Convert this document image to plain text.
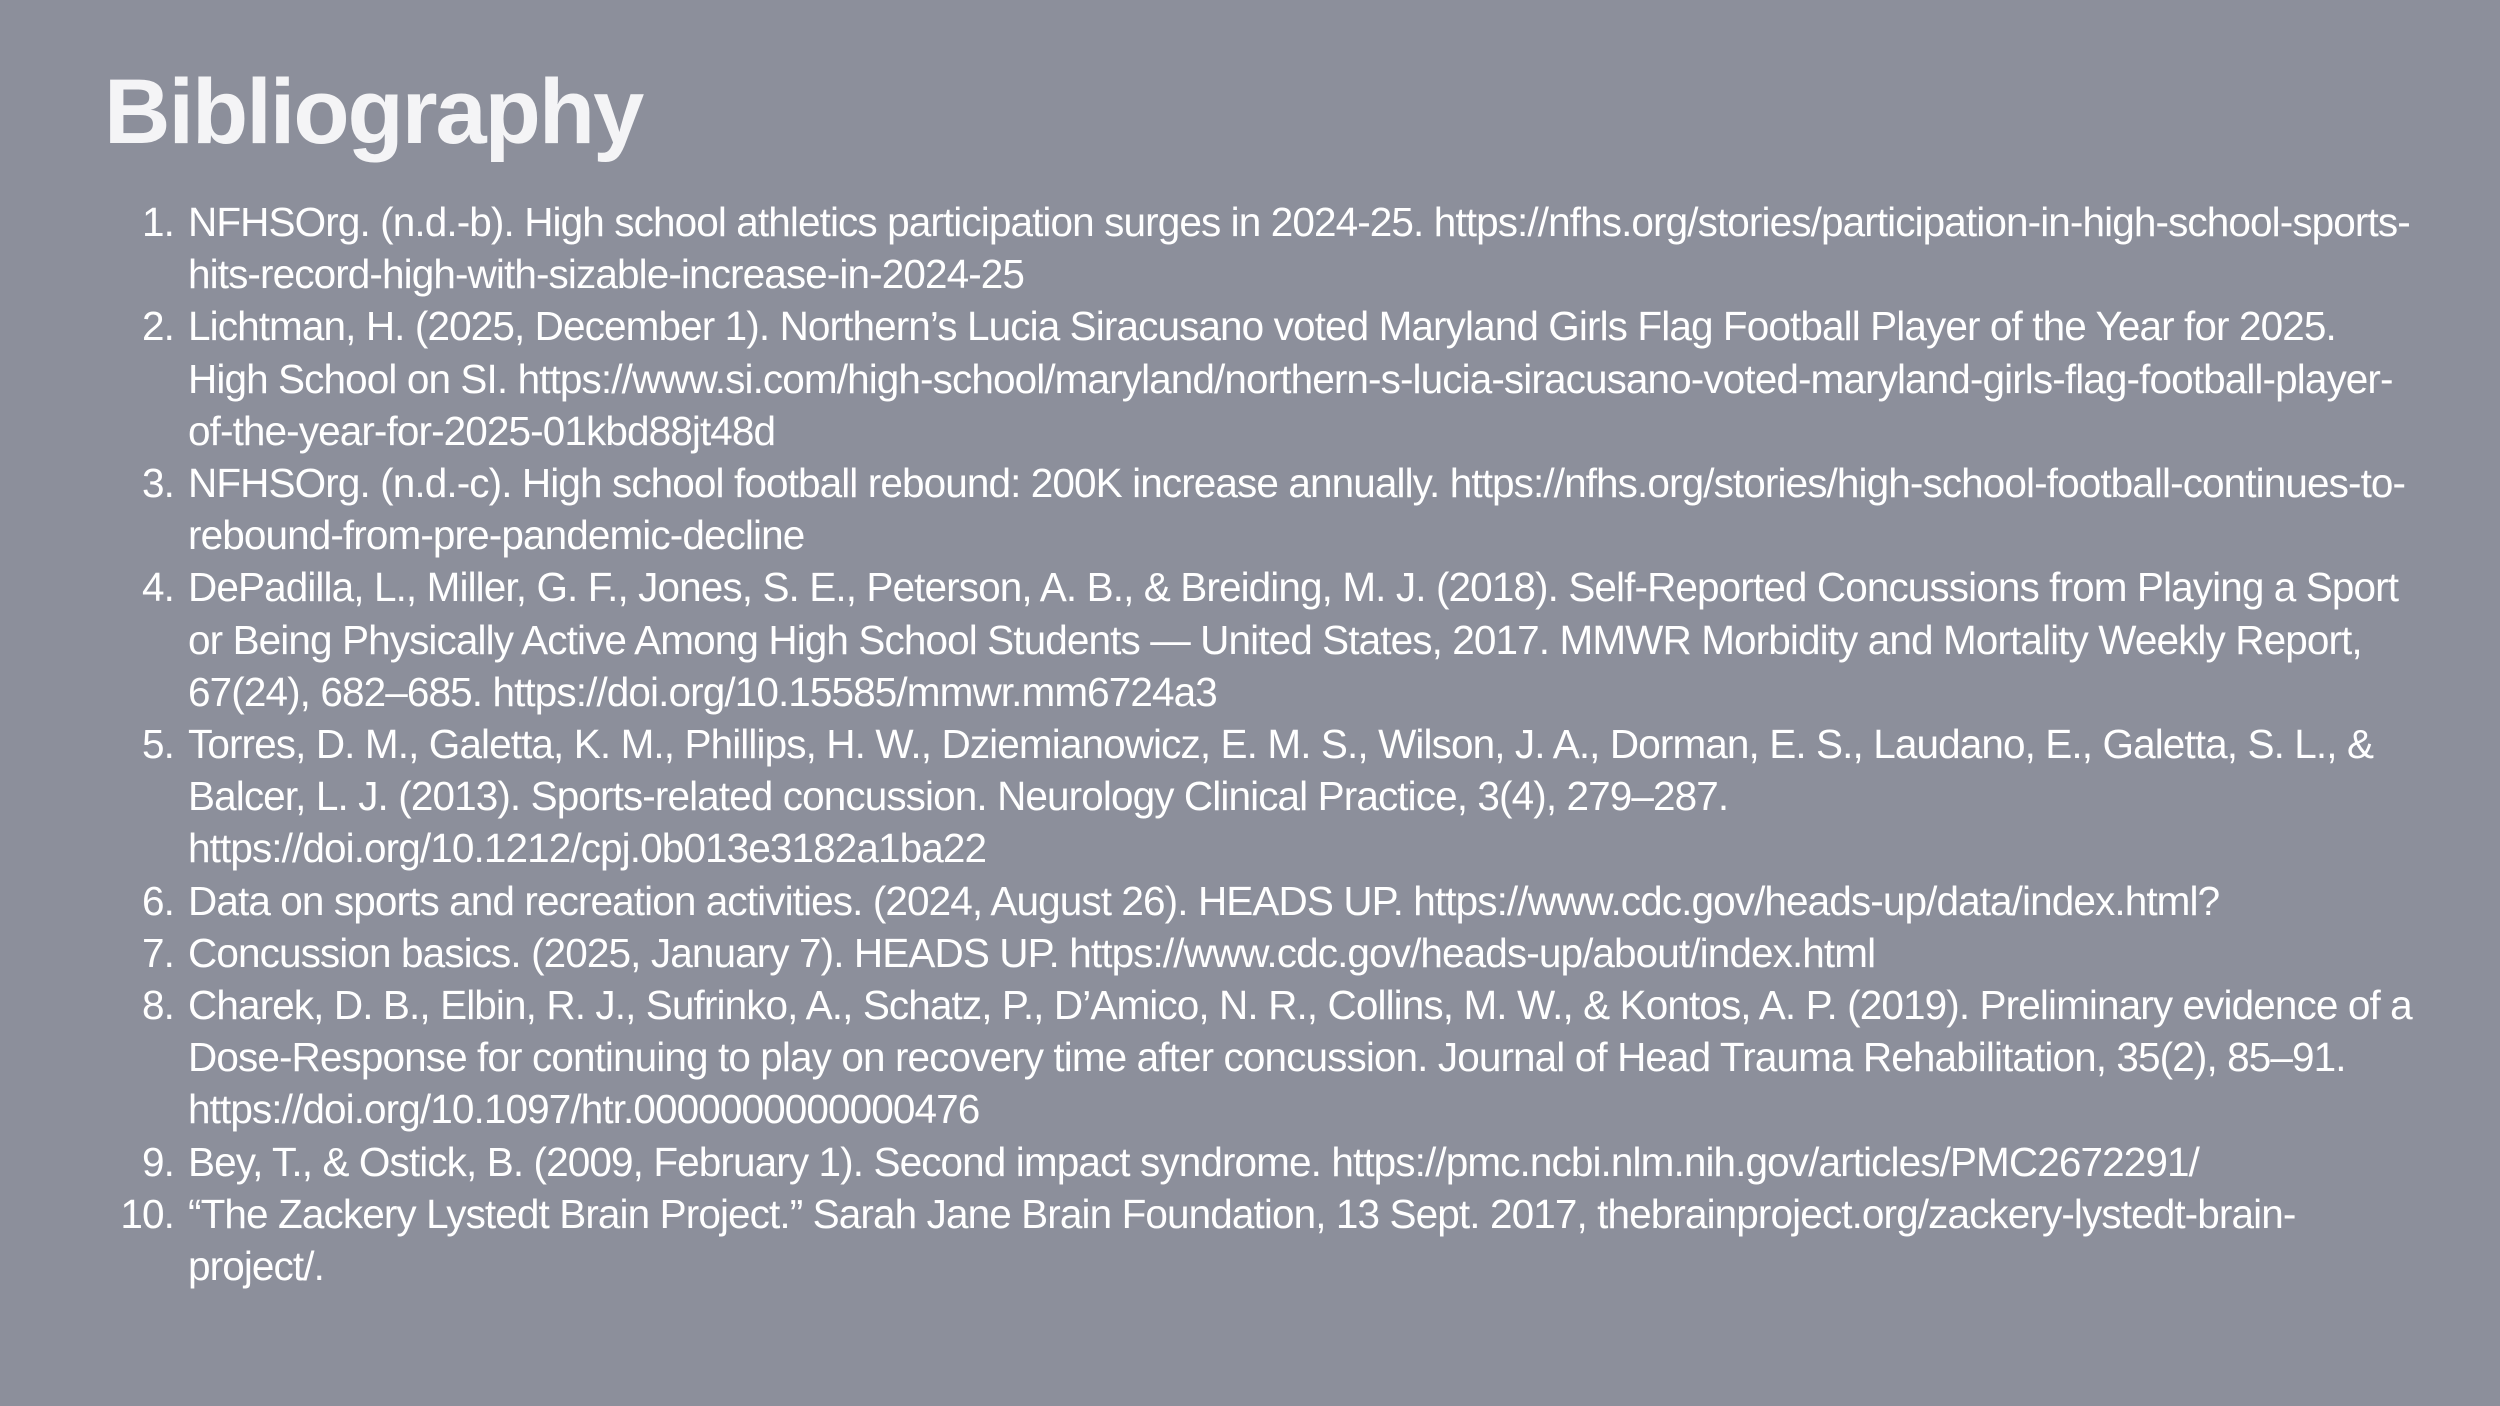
Bibliography
1. NFHSOrg. (n.d.-b). High school athletics participation surges in 2024-25. https://nfhs.org/stories/participation-in-high-school-sports-hits-record-high-with-sizable-increase-in-2024-25
2. Lichtman, H. (2025, December 1). Northern’s Lucia Siracusano voted Maryland Girls Flag Football Player of the Year for 2025. High School on SI. https://www.si.com/high-school/maryland/northern-s-lucia-siracusano-voted-maryland-girls-flag-football-player-of-the-year-for-2025-01kbd88jt48d
3. NFHSOrg. (n.d.-c). High school football rebound: 200K increase annually. https://nfhs.org/stories/high-school-football-continues-to-rebound-from-pre-pandemic-decline
4. DePadilla, L., Miller, G. F., Jones, S. E., Peterson, A. B., & Breiding, M. J. (2018). Self-Reported Concussions from Playing a Sport or Being Physically Active Among High School Students — United States, 2017. MMWR Morbidity and Mortality Weekly Report, 67(24), 682–685. https://doi.org/10.15585/mmwr.mm6724a3
5. Torres, D. M., Galetta, K. M., Phillips, H. W., Dziemianowicz, E. M. S., Wilson, J. A., Dorman, E. S., Laudano, E., Galetta, S. L., & Balcer, L. J. (2013). Sports-related concussion. Neurology Clinical Practice, 3(4), 279–287. https://doi.org/10.1212/cpj.0b013e3182a1ba22
6. Data on sports and recreation activities. (2024, August 26). HEADS UP. https://www.cdc.gov/heads-up/data/index.html?
7. Concussion basics. (2025, January 7). HEADS UP. https://www.cdc.gov/heads-up/about/index.html
8. Charek, D. B., Elbin, R. J., Sufrinko, A., Schatz, P., D’Amico, N. R., Collins, M. W., & Kontos, A. P. (2019). Preliminary evidence of a Dose-Response for continuing to play on recovery time after concussion. Journal of Head Trauma Rehabilitation, 35(2), 85–91. https://doi.org/10.1097/htr.0000000000000476
9. Bey, T., & Ostick, B. (2009, February 1). Second impact syndrome. https://pmc.ncbi.nlm.nih.gov/articles/PMC2672291/
10. “The Zackery Lystedt Brain Project.” Sarah Jane Brain Foundation, 13 Sept. 2017, thebrainproject.org/zackery-lystedt-brain-project/.
